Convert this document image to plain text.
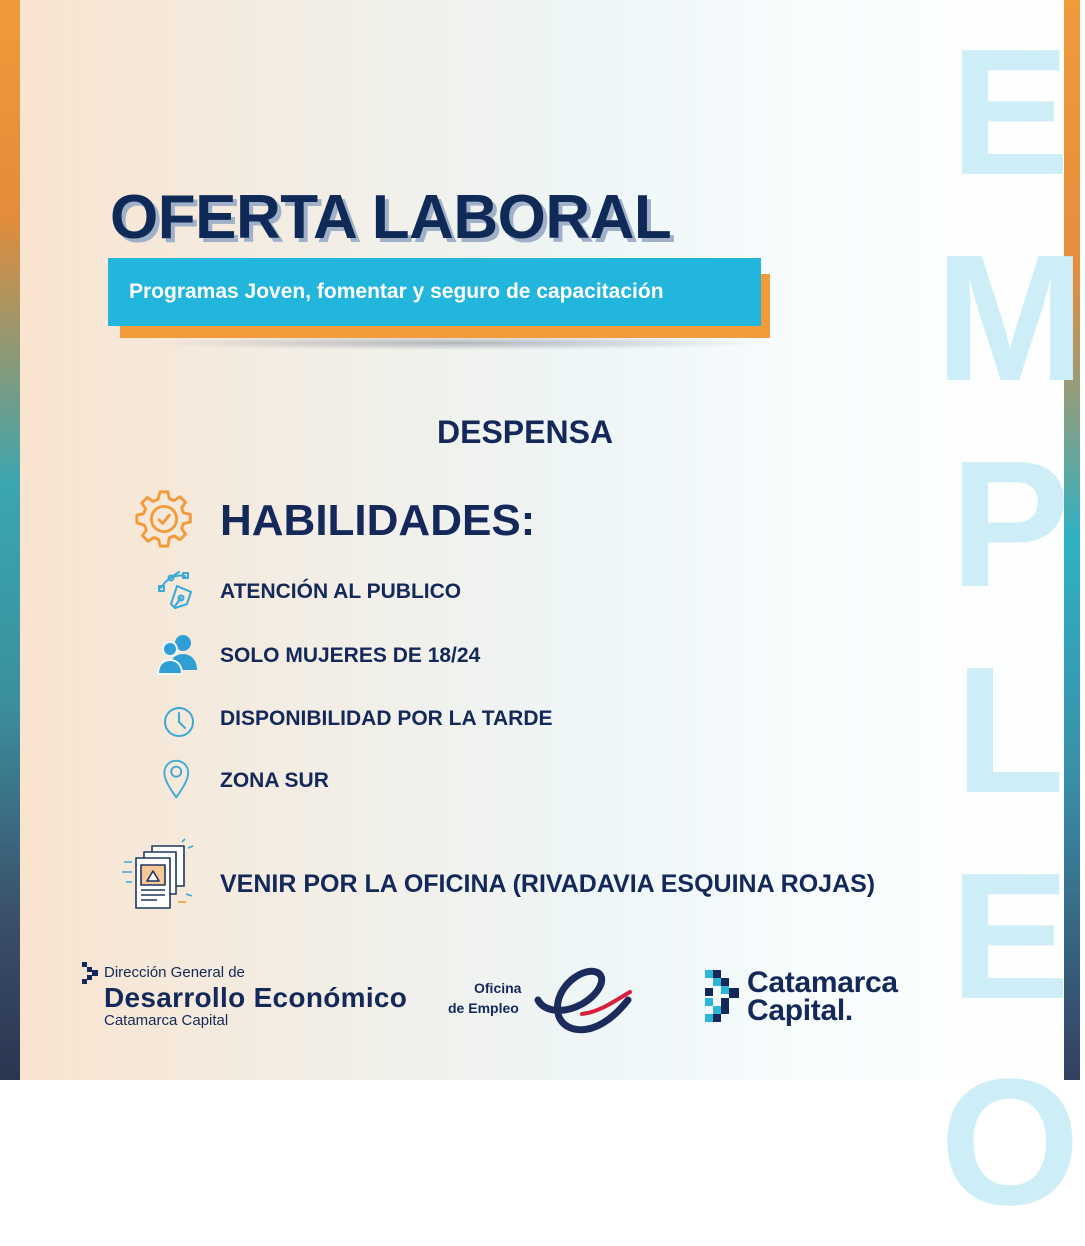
E
M
P
L
E
O
OFERTA LABORAL
Programas Joven, fomentar y seguro de capacitación
DESPENSA
HABILIDADES:
ATENCIÓN AL PUBLICO
SOLO MUJERES DE 18/24
DISPONIBILIDAD POR LA TARDE
ZONA SUR
VENIR POR LA OFICINA (RIVADAVIA ESQUINA ROJAS)
Dirección General de
Desarrollo Económico
Catamarca Capital
Oficina
de Empleo
Catamarca
Capital.
